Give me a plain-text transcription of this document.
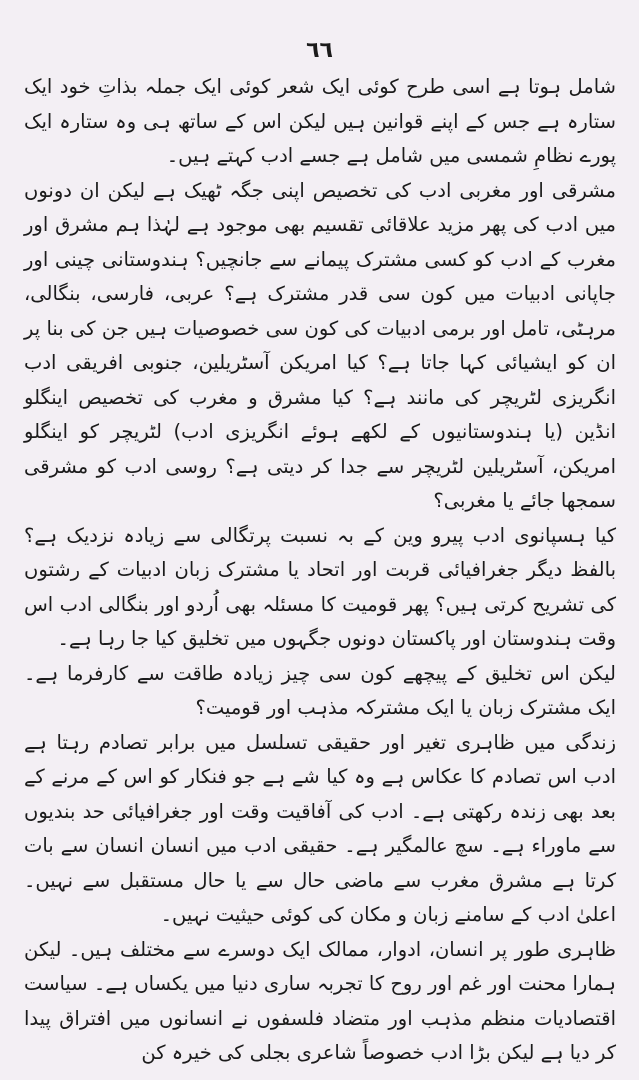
٦٦

شامل ہوتا ہے اسی طرح کوئی ایک شعر کوئی ایک جملہ بذاتِ خود ایک ستارہ ہے جس کے اپنے قوانین ہیں لیکن اس کے ساتھ ہی وہ ستارہ ایک پورے نظامِ شمسی میں شامل ہے جسے ادب کہتے ہیں۔

مشرقی اور مغربی ادب کی تخصیص اپنی جگہ ٹھیک ہے لیکن ان دونوں میں ادب کی پھر مزید علاقائی تقسیم بھی موجود ہے لہٰذا ہم مشرق اور مغرب کے ادب کو کسی مشترک پیمانے سے جانچیں؟ ہندوستانی چینی اور جاپانی ادبیات میں کون سی قدر مشترک ہے؟ عربی، فارسی، بنگالی، مرہٹی، تامل اور برمی ادبیات کی کون سی خصوصیات ہیں جن کی بنا پر ان کو ایشیائی کہا جاتا ہے؟ کیا امریکن آسٹریلین، جنوبی افریقی ادب انگریزی لٹریچر کی مانند ہے؟ کیا مشرق و مغرب کی تخصیص اینگلو انڈین (یا ہندوستانیوں کے لکھے ہوئے انگریزی ادب) لٹریچر کو اینگلو امریکن، آسٹریلین لٹریچر سے جدا کر دیتی ہے؟ روسی ادب کو مشرقی سمجھا جائے یا مغربی؟

کیا ہسپانوی ادب پیرو وین کے بہ نسبت پرتگالی سے زیادہ نزدیک ہے؟ بالفظ دیگر جغرافیائی قربت اور اتحاد یا مشترک زبان ادبیات کے رشتوں کی تشریح کرتی ہیں؟ پھر قومیت کا مسئلہ بھی اُردو اور بنگالی ادب اس وقت ہندوستان اور پاکستان دونوں جگہوں میں تخلیق کیا جا رہا ہے۔

لیکن اس تخلیق کے پیچھے کون سی چیز زیادہ طاقت سے کارفرما ہے۔ ایک مشترک زبان یا ایک مشترکہ مذہب اور قومیت؟

زندگی میں ظاہری تغیر اور حقیقی تسلسل میں برابر تصادم رہتا ہے ادب اس تصادم کا عکاس ہے وہ کیا شے ہے جو فنکار کو اس کے مرنے کے بعد بھی زندہ رکھتی ہے۔ ادب کی آفاقیت وقت اور جغرافیائی حد بندیوں سے ماوراء ہے۔ سچ عالمگیر ہے۔ حقیقی ادب میں انسان انسان سے بات کرتا ہے مشرق مغرب سے ماضی حال سے یا حال مستقبل سے نہیں۔ اعلیٰ ادب کے سامنے زبان و مکان کی کوئی حیثیت نہیں۔

ظاہری طور پر انسان، ادوار، ممالک ایک دوسرے سے مختلف ہیں۔ لیکن ہمارا محنت اور غم اور روح کا تجربہ ساری دنیا میں یکساں ہے۔ سیاست اقتصادیات منظم مذہب اور متضاد فلسفوں نے انسانوں میں افتراق پیدا کر دیا ہے لیکن بڑا ادب خصوصاً شاعری بجلی کی خیرہ کن
